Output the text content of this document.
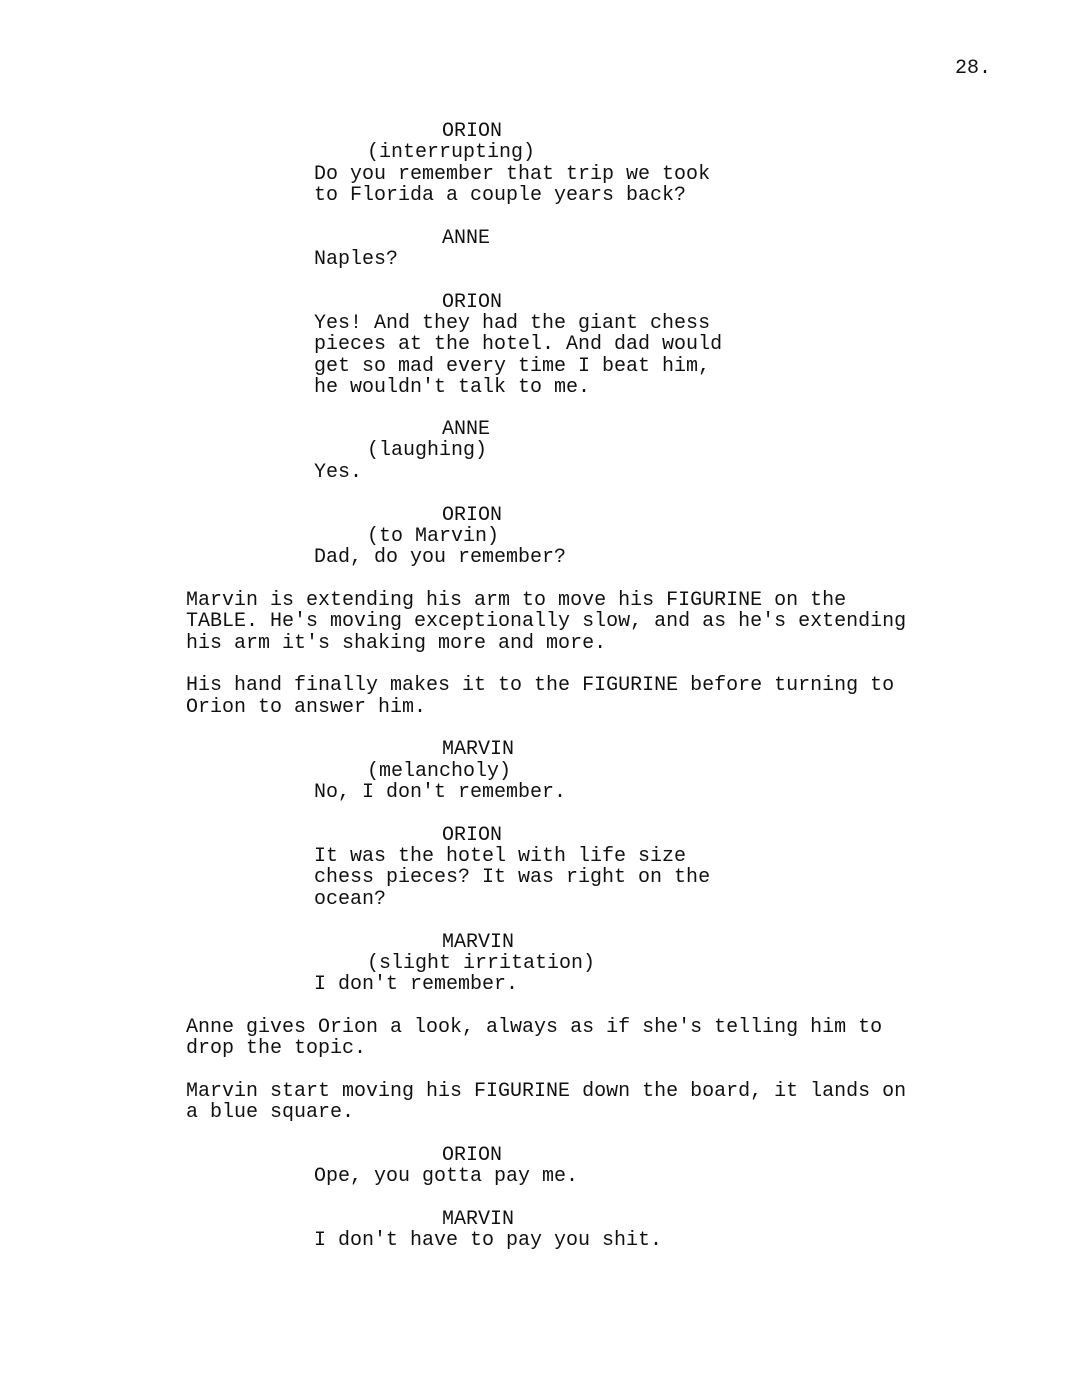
28.
ORION
(interrupting)
Do you remember that trip we took
to Florida a couple years back?
ANNE
Naples?
ORION
Yes! And they had the giant chess
pieces at the hotel. And dad would
get so mad every time I beat him,
he wouldn't talk to me.
ANNE
(laughing)
Yes.
ORION
(to Marvin)
Dad, do you remember?
Marvin is extending his arm to move his FIGURINE on the
TABLE. He's moving exceptionally slow, and as he's extending
his arm it's shaking more and more.
His hand finally makes it to the FIGURINE before turning to
Orion to answer him.
MARVIN
(melancholy)
No, I don't remember.
ORION
It was the hotel with life size
chess pieces? It was right on the
ocean?
MARVIN
(slight irritation)
I don't remember.
Anne gives Orion a look, always as if she's telling him to
drop the topic.
Marvin start moving his FIGURINE down the board, it lands on
a blue square.
ORION
Ope, you gotta pay me.
MARVIN
I don't have to pay you shit.
